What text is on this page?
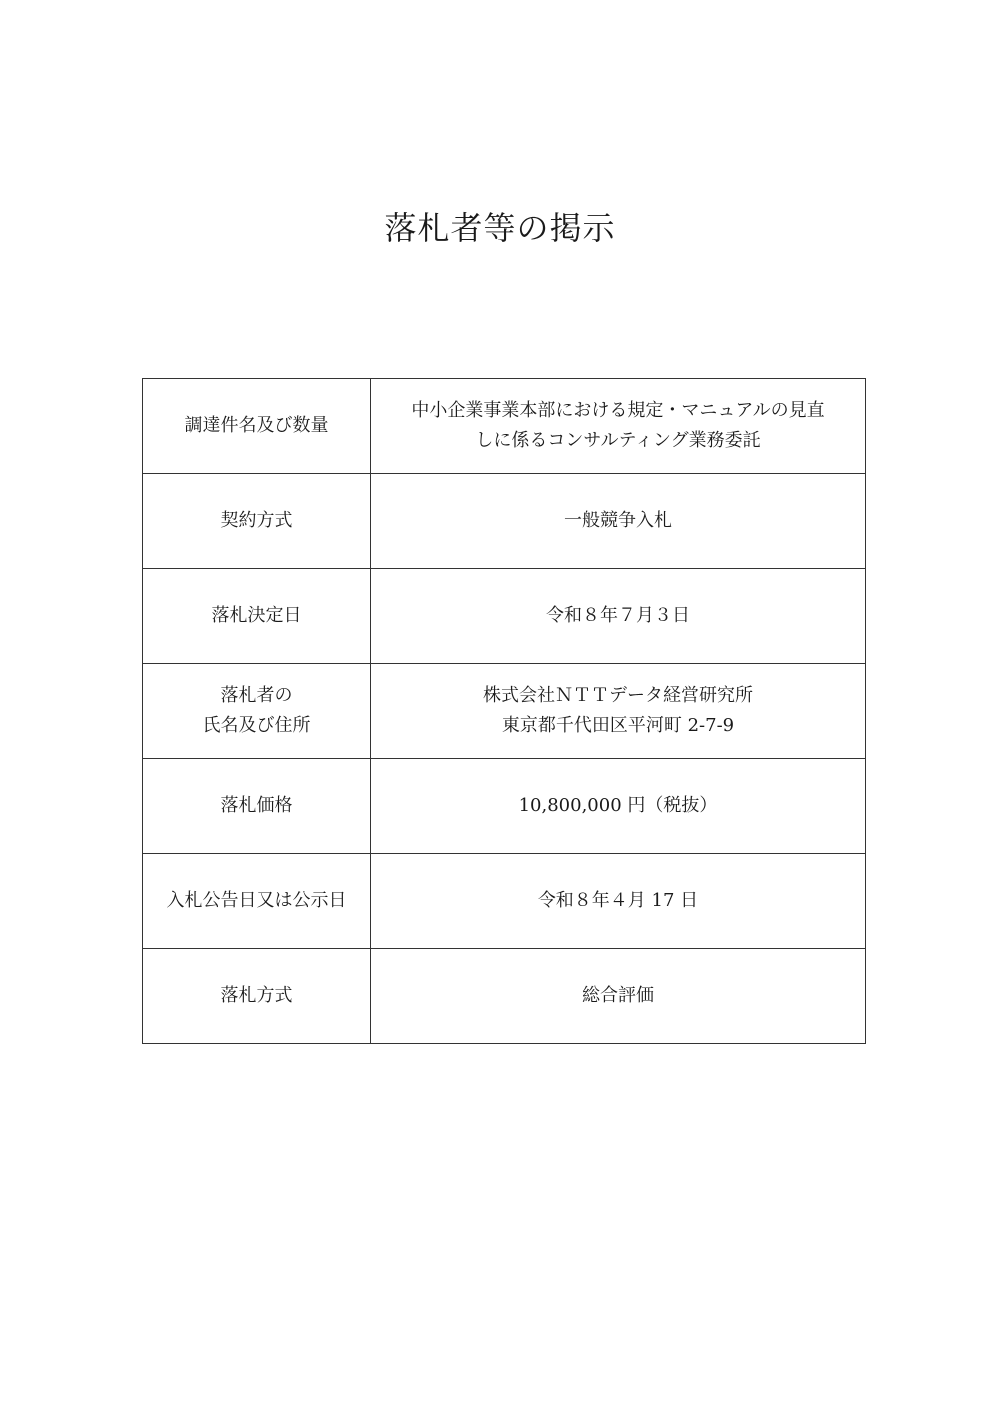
落札者等の掲示
調達件名及び数量	中小企業事業本部における規定・マニュアルの見直
しに係るコンサルティング業務委託

契約方式	一般競争入札

落札決定日	令和８年７月３日

落札者の
氏名及び住所	株式会社ＮＴＴデータ経営研究所
東京都千代田区平河町 2-7-9

落札価格	10,800,000 円（税抜）

入札公告日又は公示日	令和８年４月 17 日

落札方式	総合評価
